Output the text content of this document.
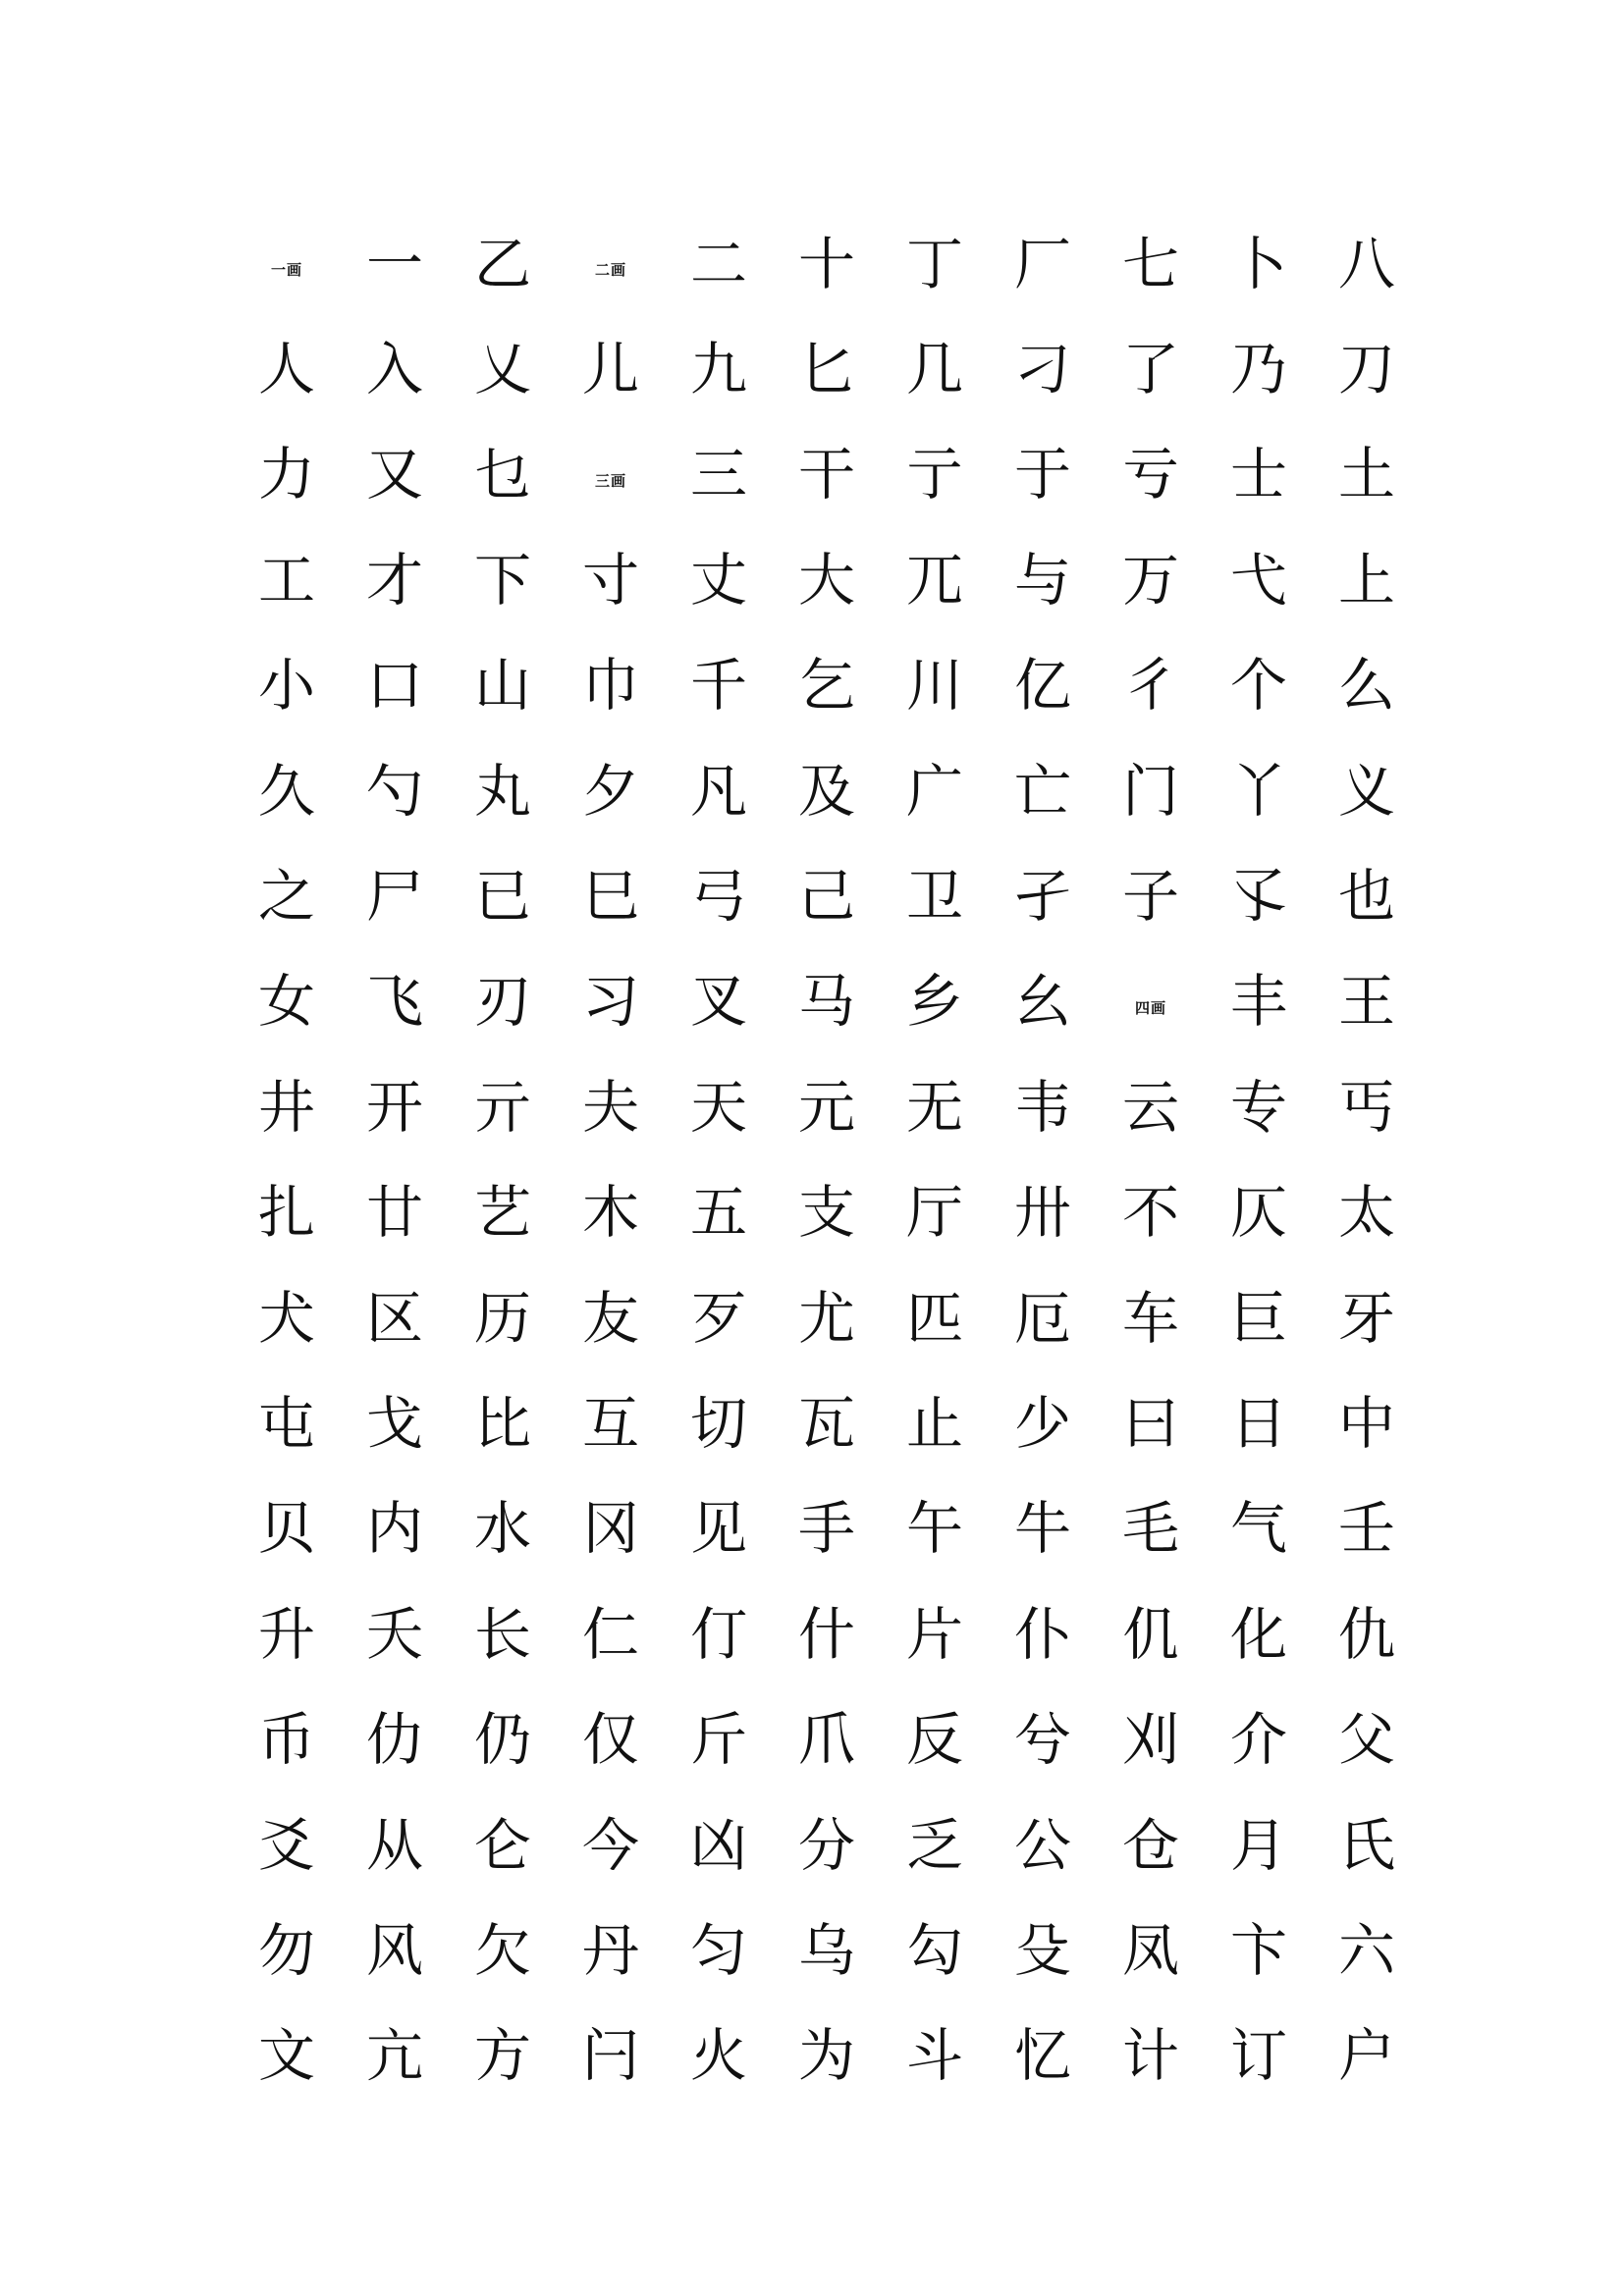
一画	一 乙	二画	二 十 丁 厂 七 卜 八
人 入 乂 儿 九 匕 几 刁 了 乃 刀
力 又 乜	三画	三 干 亍 于 亏 士 土
工 才 下 寸 丈 大 兀 与 万 弋 上
小 口 山 巾 千 乞 川 亿 彳 个 么
久 勺 丸 夕 凡 及 广 亡 门 丫 义
之 尸 已 巳 弓 己 卫 孑 子 孓 也
女 飞 刃 习 叉 马 乡 幺	四画	丰 王
井 开 亓 夫 天 元 无 韦 云 专 丐
扎 廿 艺 木 五 支 厅 卅 不 仄 太
犬 区 历 友 歹 尤 匹 厄 车 巨 牙
屯 戈 比 互 切 瓦 止 少 曰 日 中
贝 内 水 冈 见 手 午 牛 毛 气 壬
升 夭 长 仁 仃 什 片 仆 仉 化 仇
币 仂 仍 仅 斤 爪 反 兮 刈 介 父
爻 从 仑 今 凶 分 乏 公 仓 月 氏
勿 风 欠 丹 匀 乌 勾 殳 凤 卞 六
文 亢 方 闩 火 为 斗 忆 计 订 户
